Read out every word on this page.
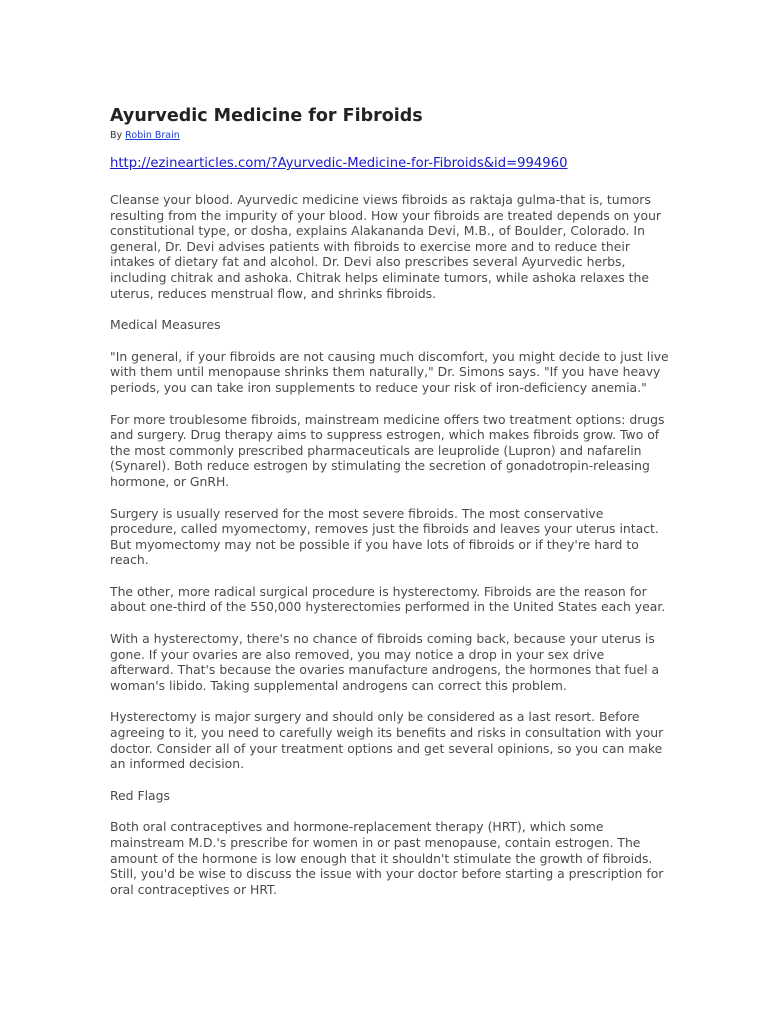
Ayurvedic Medicine for Fibroids
By Robin Brain
http://ezinearticles.com/?Ayurvedic-Medicine-for-Fibroids&id=994960

Cleanse your blood. Ayurvedic medicine views fibroids as raktaja gulma-that is, tumors resulting from the impurity of your blood. How your fibroids are treated depends on your constitutional type, or dosha, explains Alakananda Devi, M.B., of Boulder, Colorado. In general, Dr. Devi advises patients with fibroids to exercise more and to reduce their intakes of dietary fat and alcohol. Dr. Devi also prescribes several Ayurvedic herbs, including chitrak and ashoka. Chitrak helps eliminate tumors, while ashoka relaxes the uterus, reduces menstrual flow, and shrinks fibroids.

Medical Measures

"In general, if your fibroids are not causing much discomfort, you might decide to just live with them until menopause shrinks them naturally," Dr. Simons says. "If you have heavy periods, you can take iron supplements to reduce your risk of iron-deficiency anemia."

For more troublesome fibroids, mainstream medicine offers two treatment options: drugs and surgery. Drug therapy aims to suppress estrogen, which makes fibroids grow. Two of the most commonly prescribed pharmaceuticals are leuprolide (Lupron) and nafarelin (Synarel). Both reduce estrogen by stimulating the secretion of gonadotropin-releasing hormone, or GnRH.

Surgery is usually reserved for the most severe fibroids. The most conservative procedure, called myomectomy, removes just the fibroids and leaves your uterus intact. But myomectomy may not be possible if you have lots of fibroids or if they're hard to reach.

The other, more radical surgical procedure is hysterectomy. Fibroids are the reason for about one-third of the 550,000 hysterectomies performed in the United States each year.

With a hysterectomy, there's no chance of fibroids coming back, because your uterus is gone. If your ovaries are also removed, you may notice a drop in your sex drive afterward. That's because the ovaries manufacture androgens, the hormones that fuel a woman's libido. Taking supplemental androgens can correct this problem.

Hysterectomy is major surgery and should only be considered as a last resort. Before agreeing to it, you need to carefully weigh its benefits and risks in consultation with your doctor. Consider all of your treatment options and get several opinions, so you can make an informed decision.

Red Flags

Both oral contraceptives and hormone-replacement therapy (HRT), which some mainstream M.D.'s prescribe for women in or past menopause, contain estrogen. The amount of the hormone is low enough that it shouldn't stimulate the growth of fibroids. Still, you'd be wise to discuss the issue with your doctor before starting a prescription for oral contraceptives or HRT.
